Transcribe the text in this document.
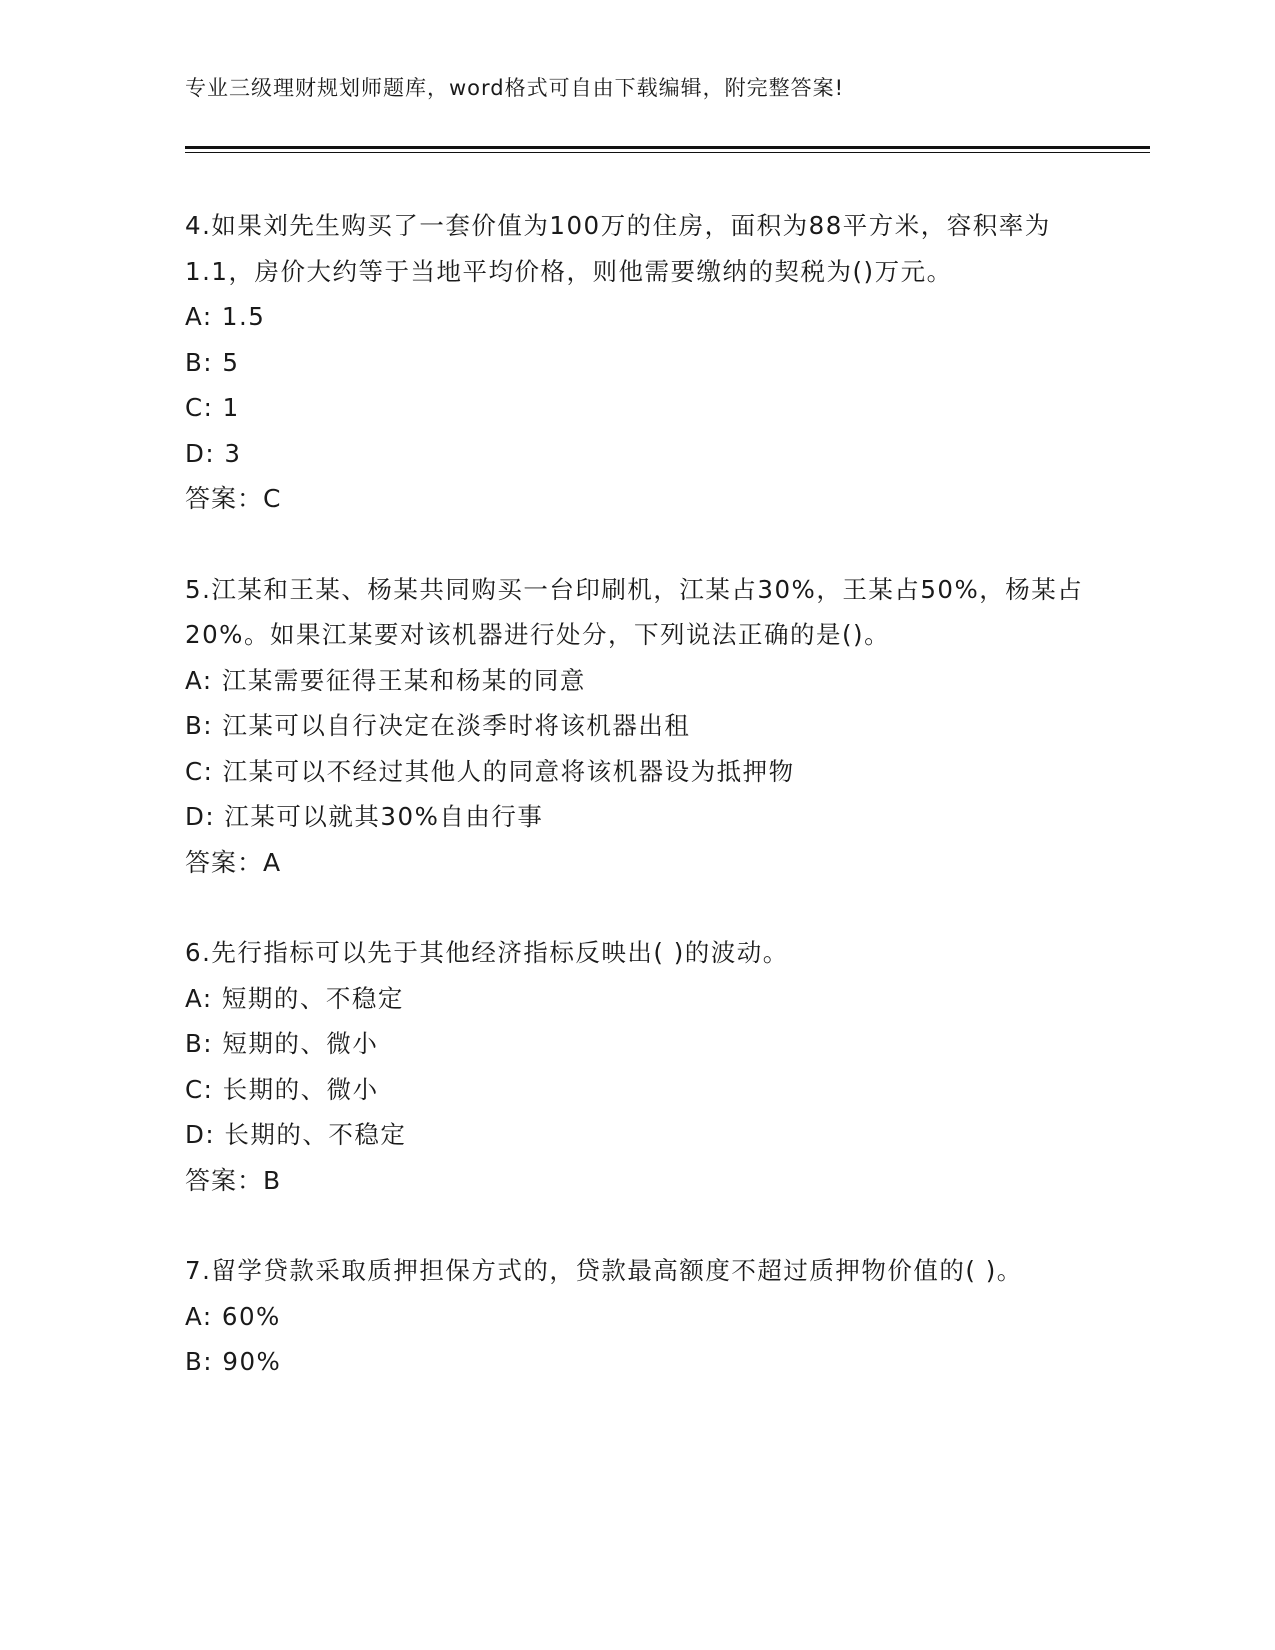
专业三级理财规划师题库，word格式可自由下载编辑，附完整答案!

4.如果刘先生购买了一套价值为100万的住房，面积为88平方米，容积率为1.1，房价大约等于当地平均价格，则他需要缴纳的契税为()万元。

A: 1.5

B: 5

C: 1

D: 3

答案：C

5.江某和王某、杨某共同购买一台印刷机，江某占30%，王某占50%，杨某占20%。如果江某要对该机器进行处分，下列说法正确的是()。

A: 江某需要征得王某和杨某的同意

B: 江某可以自行决定在淡季时将该机器出租

C: 江某可以不经过其他人的同意将该机器设为抵押物

D: 江某可以就其30%自由行事

答案：A

6.先行指标可以先于其他经济指标反映出( )的波动。

A: 短期的、不稳定

B: 短期的、微小

C: 长期的、微小

D: 长期的、不稳定

答案：B

7.留学贷款采取质押担保方式的，贷款最高额度不超过质押物价值的( )。

A: 60%

B: 90%
